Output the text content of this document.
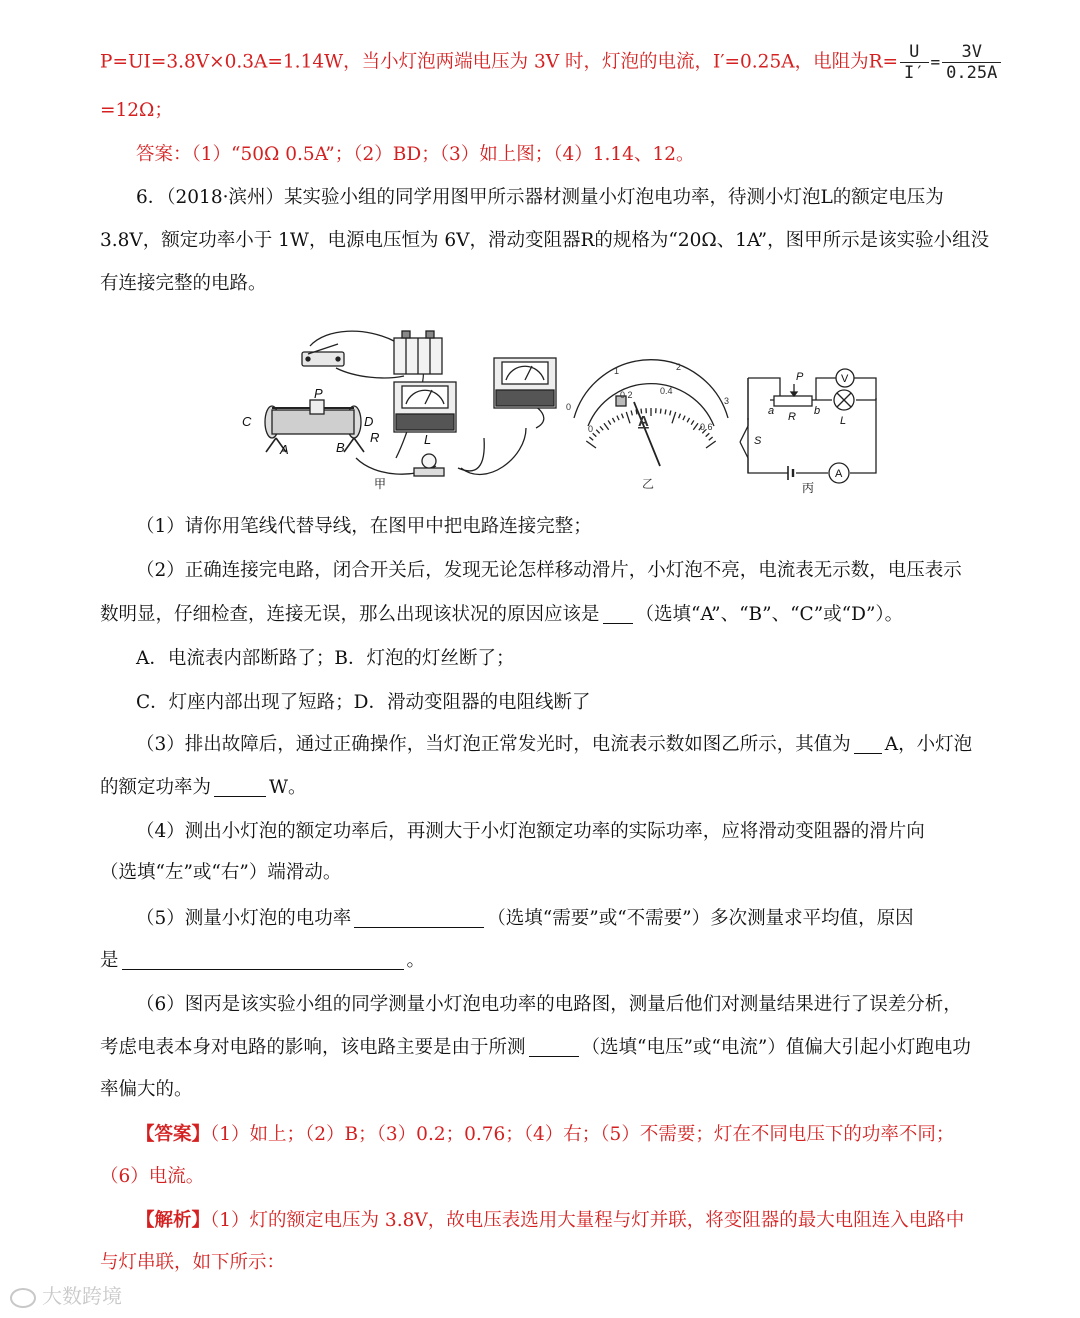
P=UI=3.8V×0.3A=1.14W，当小灯泡两端电压为 3V 时，灯泡的电流，I′=0.25A，电阻为$R= \frac{U}{I'} = \frac{3V}{0.25A}$
=12Ω；
答案：（1）“50Ω 0.5A”；（2）BD；（3）如上图；（4）1.14、12。
6．（2018·滨州）某实验小组的同学用图甲所示器材测量小灯泡电功率，待测小灯泡L的额定电压为
3.8V，额定功率小于 1W，电源电压恒为 6V，滑动变阻器R的规格为“20Ω、1A”，图甲所示是该实验小组没
有连接完整的电路。
C	D
A	B
P
R	L
甲
0
1	2
3
0
0.2	0.4
0.6
A
乙
V
A
P
a	b
R	L
S
丙
（1）请你用笔线代替导线，在图甲中把电路连接完整；
（2）正确连接完电路，闭合开关后，发现无论怎样移动滑片，小灯泡不亮，电流表无示数，电压表示
数明显，仔细检查，连接无误，那么出现该状况的原因应该是 （选填“A”、“B”、“C”或“D”）。
A．电流表内部断路了；B．灯泡的灯丝断了；
C．灯座内部出现了短路；D．滑动变阻器的电阻线断了
（3）排出故障后，通过正确操作，当灯泡正常发光时，电流表示数如图乙所示，其值为 A，小灯泡
的额定功率为	W。
（4）测出小灯泡的额定功率后，再测大于小灯泡额定功率的实际功率，应将滑动变阻器的滑片向
（选填“左”或“右”）端滑动。
（5）测量小灯泡的电功率	（选填“需要”或“不需要”）多次测量求平均值，原因
是	。
（6）图丙是该实验小组的同学测量小灯泡电功率的电路图，测量后他们对测量结果进行了误差分析，
考虑电表本身对电路的影响，该电路主要是由于所测	（选填“电压”或“电流”）值偏大引起小灯跑电功
率偏大的。
【答案】（1）如上；（2）B；（3）0.2；0.76；（4）右；（5）不需要；灯在不同电压下的功率不同；
（6）电流。
【解析】（1）灯的额定电压为 3.8V，故电压表选用大量程与灯并联，将变阻器的最大电阻连入电路中
与灯串联，如下所示：
大数跨境
